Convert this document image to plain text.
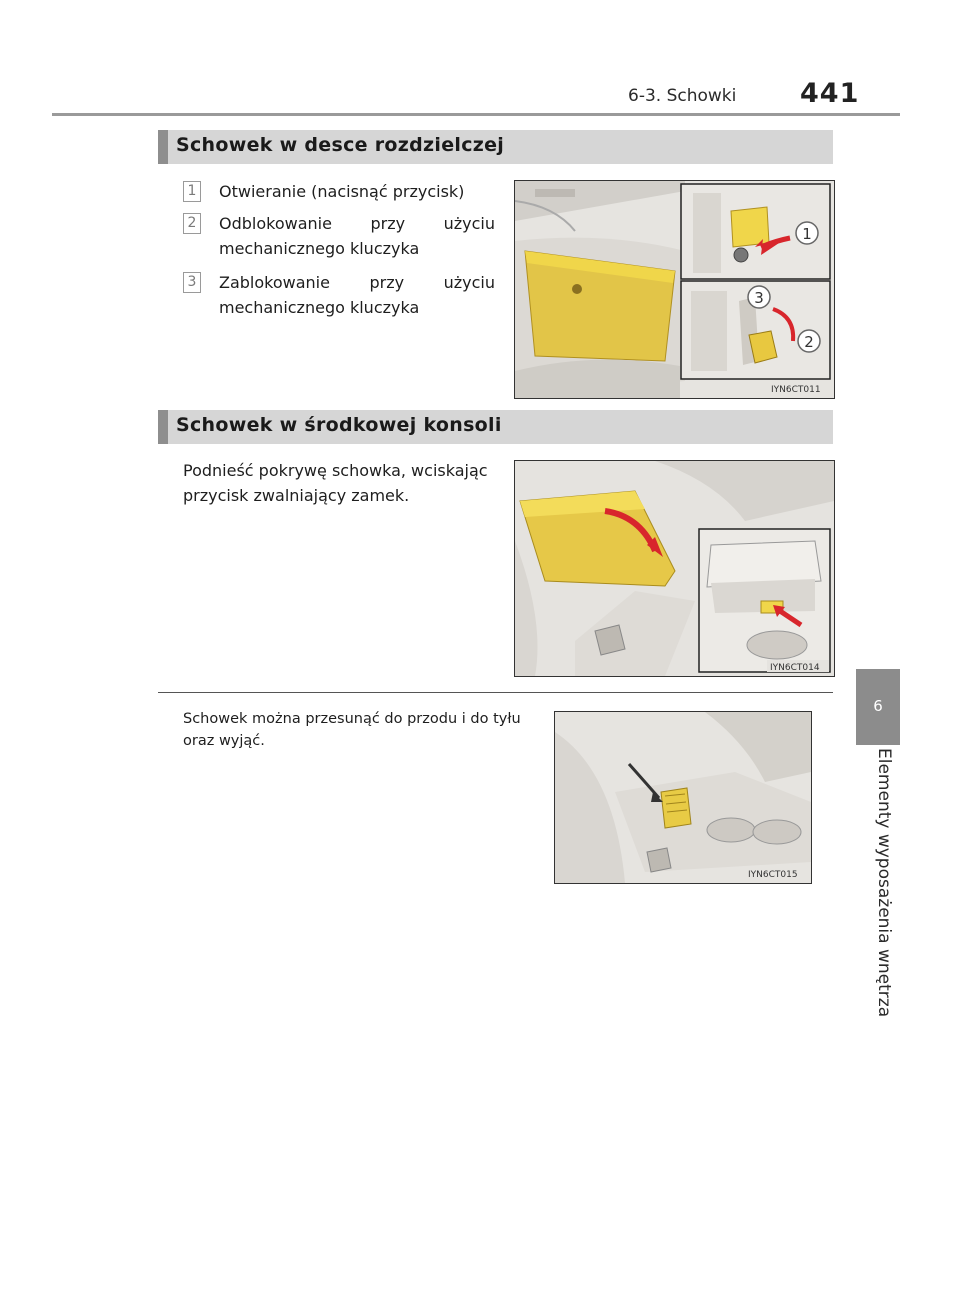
6-3. Schowki 441
6
Elementy wyposażenia wnętrza
Schowek w desce rozdzielczej
1 Otwieranie (nacisnąć przycisk)
2 Odblokowanie przy użyciu mechanicznego kluczyka
3 Zablokowanie przy użyciu mechanicznego kluczyka
1
3
2
IYN6CT011
Schowek w środkowej konsoli
Podnieść pokrywę schowka, wciskając przycisk zwalniający zamek.
IYN6CT014
Schowek można przesunąć do przodu i do tyłu oraz wyjąć.
IYN6CT015
